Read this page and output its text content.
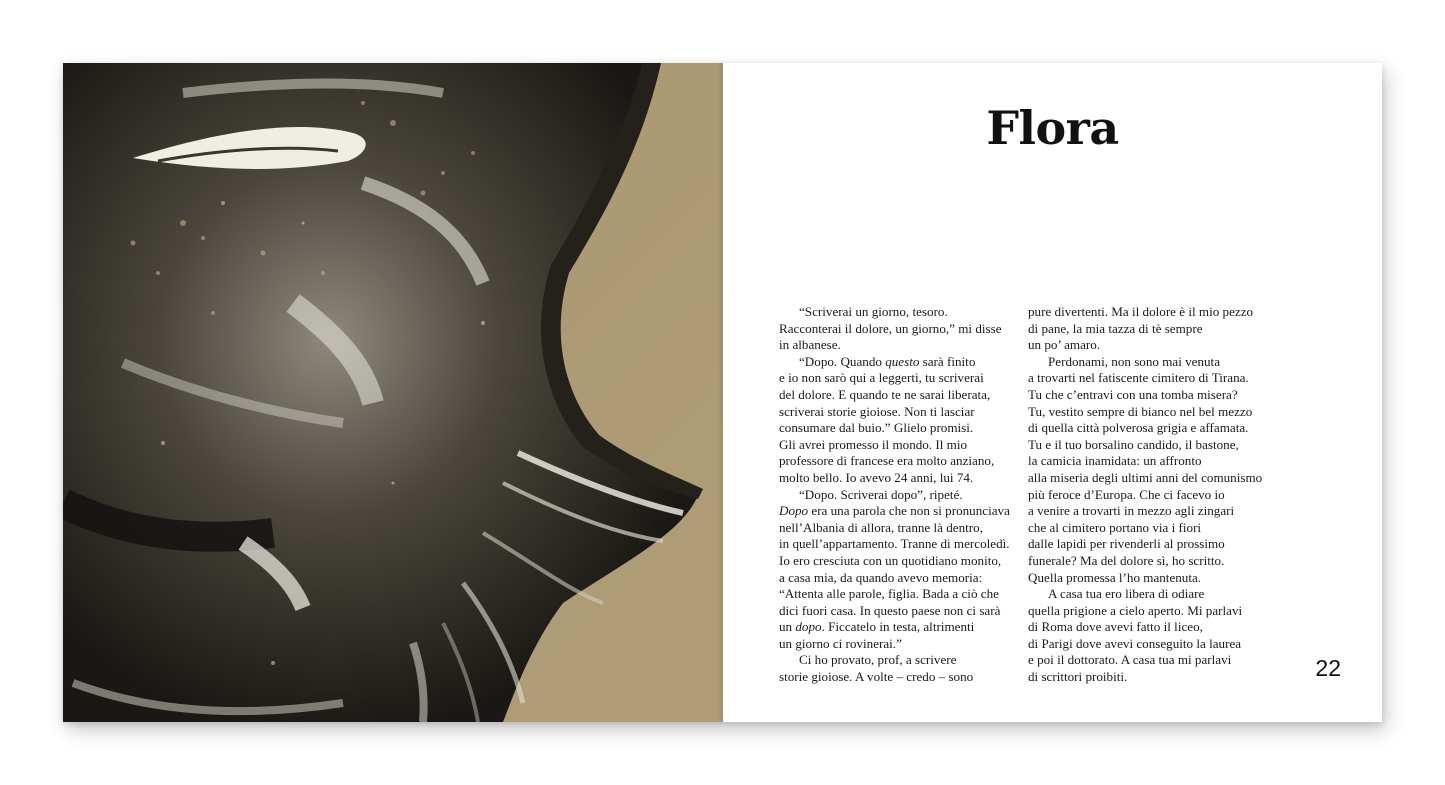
Flora

“Scriverai un giorno, tesoro.

Racconterai il dolore, un giorno,” mi disse

in albanese.

“Dopo. Quando questo sarà finito

e io non sarò qui a leggerti, tu scriverai

del dolore. E quando te ne sarai liberata,

scriverai storie gioiose. Non ti lasciar

consumare dal buio.” Glielo promisi.

Gli avrei promesso il mondo. Il mio

professore di francese era molto anziano,

molto bello. Io avevo 24 anni, lui 74.

“Dopo. Scriverai dopo”, ripeté.

Dopo era una parola che non si pronunciava

nell’Albania di allora, tranne là dentro,

in quell’appartamento. Tranne di mercoledì.

Io ero cresciuta con un quotidiano monito,

a casa mia, da quando avevo memoria:

“Attenta alle parole, figlia. Bada a ciò che

dici fuori casa. In questo paese non ci sarà

un dopo. Ficcatelo in testa, altrimenti

un giorno ci rovinerai.”

Ci ho provato, prof, a scrivere

storie gioiose. A volte – credo – sono

pure divertenti. Ma il dolore è il mio pezzo

di pane, la mia tazza di tè sempre

un po’ amaro.

Perdonami, non sono mai venuta

a trovarti nel fatiscente cimitero di Tirana.

Tu che c’entravi con una tomba misera?

Tu, vestito sempre di bianco nel bel mezzo

di quella città polverosa grigia e affamata.

Tu e il tuo borsalino candido, il bastone,

la camicia inamidata: un affronto

alla miseria degli ultimi anni del comunismo

più feroce d’Europa. Che ci facevo io

a venire a trovarti in mezzo agli zingari

che al cimitero portano via i fiori

dalle lapidi per rivenderli al prossimo

funerale? Ma del dolore sì, ho scritto.

Quella promessa l’ho mantenuta.

A casa tua ero libera di odiare

quella prigione a cielo aperto. Mi parlavi

di Roma dove avevi fatto il liceo,

di Parigi dove avevi conseguito la laurea

e poi il dottorato. A casa tua mi parlavi

di scrittori proibiti.	22
